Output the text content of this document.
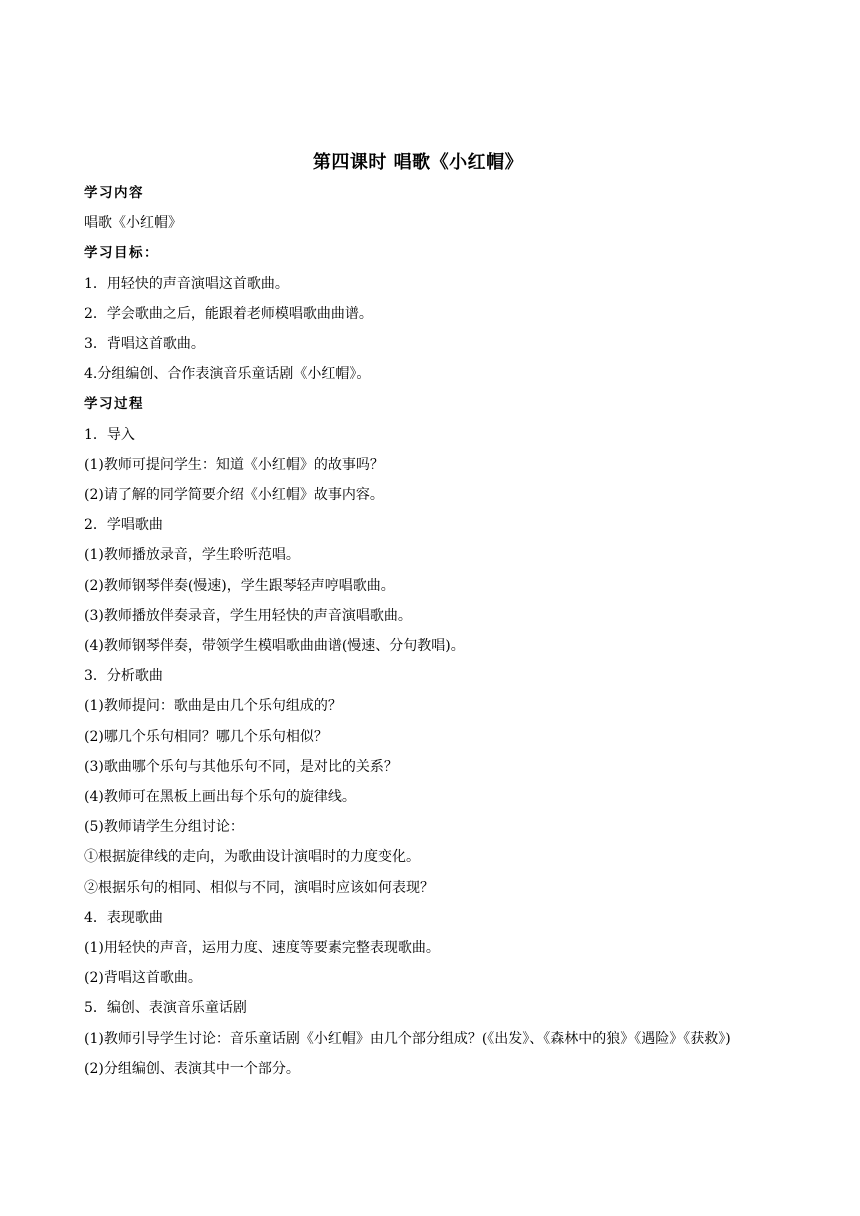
第四课时 唱歌《小红帽》
学习内容
唱歌《小红帽》
学习目标：
1．用轻快的声音演唱这首歌曲。
2．学会歌曲之后，能跟着老师模唱歌曲曲谱。
3．背唱这首歌曲。
4.分组编创、合作表演音乐童话剧《小红帽》。
学习过程
1．导入
(1)教师可提问学生：知道《小红帽》的故事吗？
(2)请了解的同学简要介绍《小红帽》故事内容。
2．学唱歌曲
(1)教师播放录音，学生聆听范唱。
(2)教师钢琴伴奏(慢速)，学生跟琴轻声哼唱歌曲。
(3)教师播放伴奏录音，学生用轻快的声音演唱歌曲。
(4)教师钢琴伴奏，带领学生模唱歌曲曲谱(慢速、分句教唱)。
3．分析歌曲
(1)教师提问：歌曲是由几个乐句组成的？
(2)哪几个乐句相同？哪几个乐句相似？
(3)歌曲哪个乐句与其他乐句不同，是对比的关系？
(4)教师可在黑板上画出每个乐句的旋律线。
(5)教师请学生分组讨论：
①根据旋律线的走向，为歌曲设计演唱时的力度变化。
②根据乐句的相同、相似与不同，演唱时应该如何表现？
4．表现歌曲
(1)用轻快的声音，运用力度、速度等要素完整表现歌曲。
(2)背唱这首歌曲。
5．编创、表演音乐童话剧
(1)教师引导学生讨论：音乐童话剧《小红帽》由几个部分组成？(《出发》、《森林中的狼》《遇险》《获救》)
(2)分组编创、表演其中一个部分。
